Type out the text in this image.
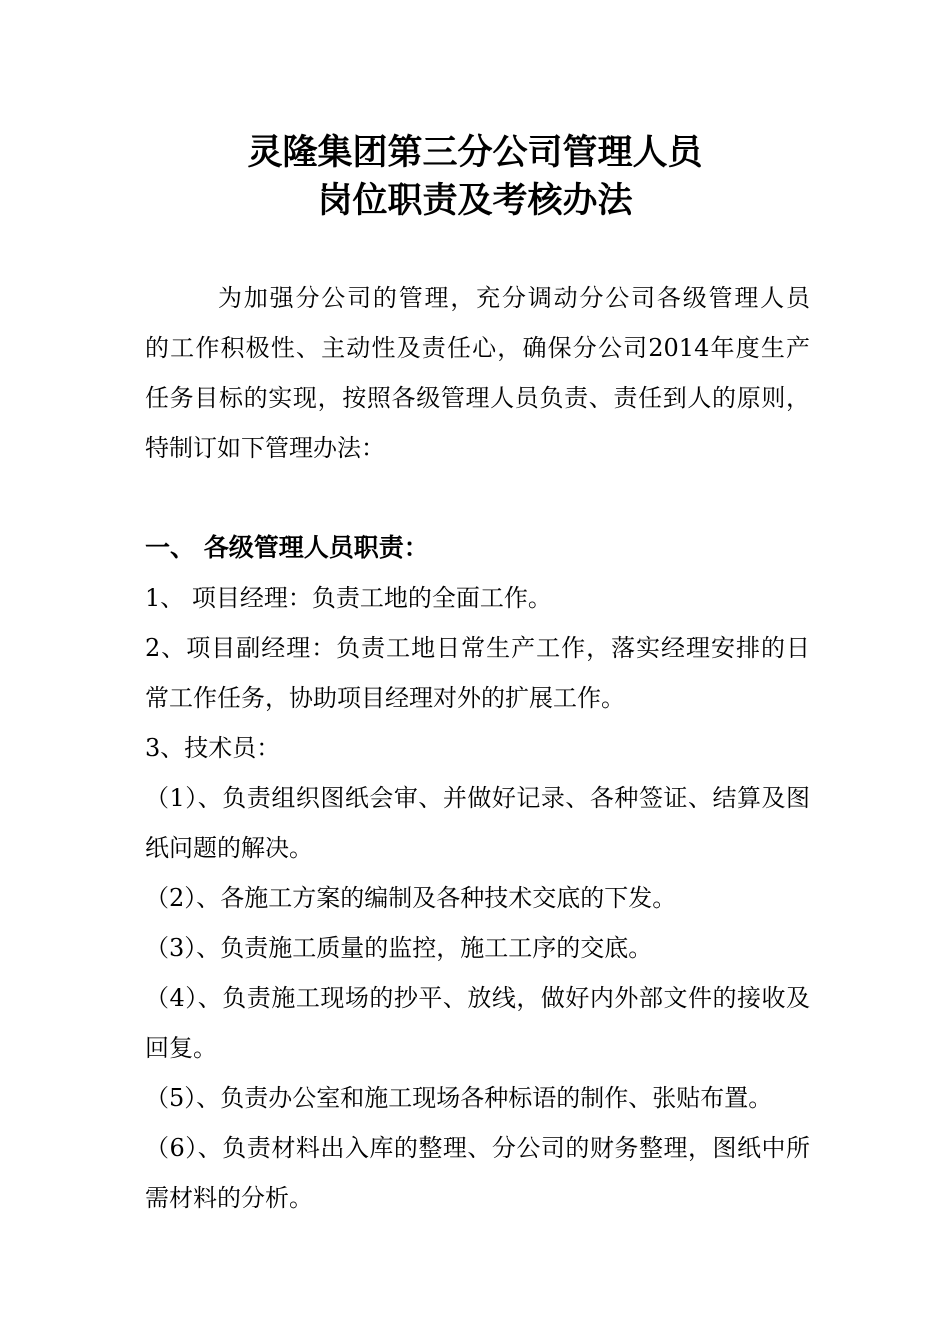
灵隆集团第三分公司管理人员
岗位职责及考核办法
为加强分公司的管理，充分调动分公司各级管理人员
的工作积极性、主动性及责任心，确保分公司2014年度生产
任务目标的实现，按照各级管理人员负责、责任到人的原则，
特制订如下管理办法：
一、 各级管理人员职责：
1、 项目经理：负责工地的全面工作。
2、项目副经理：负责工地日常生产工作，落实经理安排的日
常工作任务，协助项目经理对外的扩展工作。
3、技术员：
（1）、负责组织图纸会审、并做好记录、各种签证、结算及图
纸问题的解决。
（2）、各施工方案的编制及各种技术交底的下发。
（3）、负责施工质量的监控，施工工序的交底。
（4）、负责施工现场的抄平、放线，做好内外部文件的接收及
回复。
（5）、负责办公室和施工现场各种标语的制作、张贴布置。
（6）、负责材料出入库的整理、分公司的财务整理，图纸中所
需材料的分析。
